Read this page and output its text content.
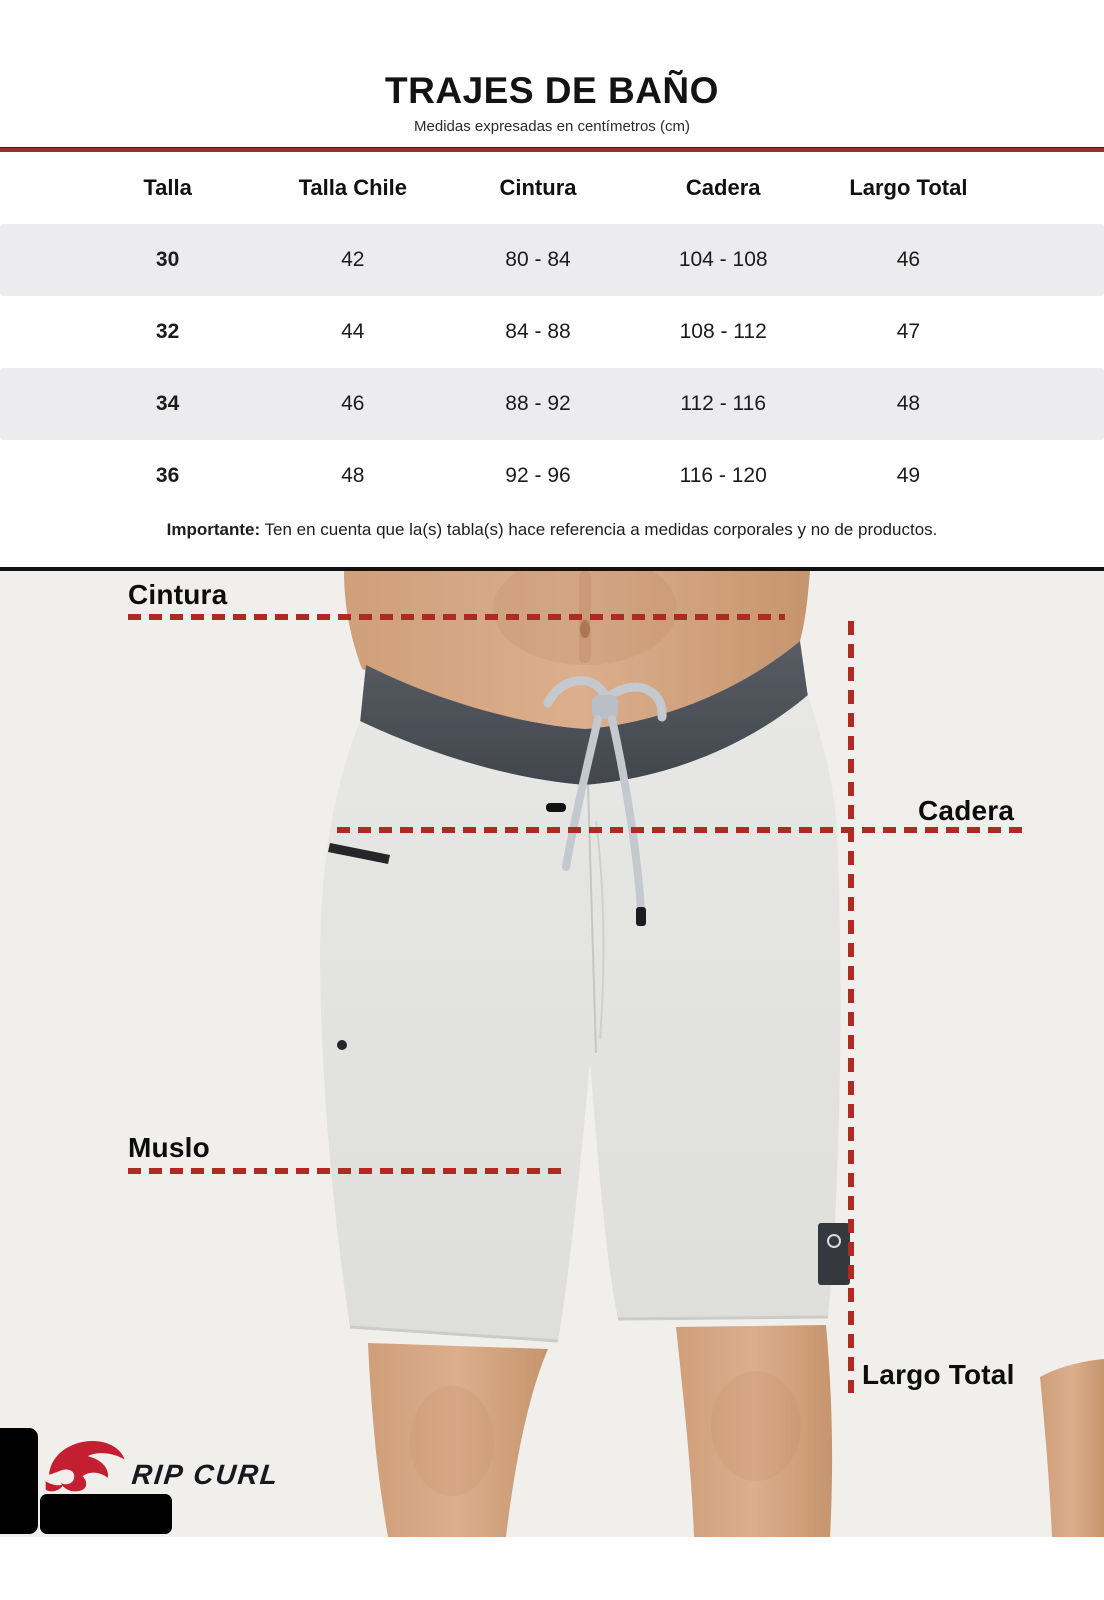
TRAJES DE BAÑO
Medidas expresadas en centímetros (cm)
Talla	Talla Chile	Cintura	Cadera	Largo Total
30	42	80 - 84	104 - 108	46
32	44	84 - 88	108 - 112	47
34	46	88 - 92	112 - 116	48
36	48	92 - 96	116 - 120	49
Importante: Ten en cuenta que la(s) tabla(s) hace referencia a medidas corporales y no de productos.
Cintura
Cadera
Muslo
Largo Total
RIP CURL
